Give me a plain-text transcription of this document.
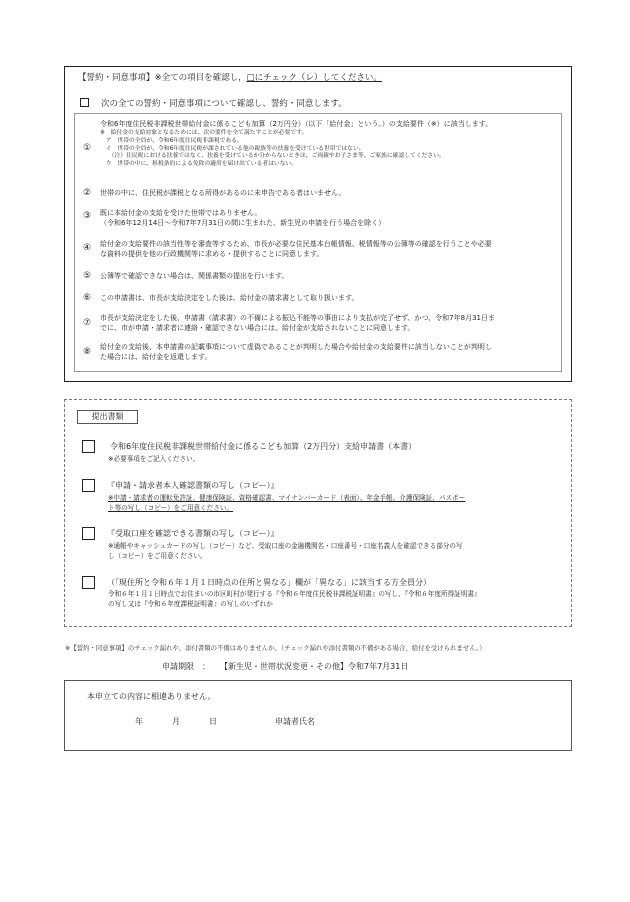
【誓約・同意事項】※全ての項目を確認し，□にチェック（レ）してください。
次の全ての誓約・同意事項について確認し、誓約・同意します。
①
令和6年度住民税非課税世帯給付金に係るこども加算（2万円分）（以下「給付金」という。）の支給要件（※）に該当します。
※　給付金の支給対象となるためには、次の要件を全て満たすことが必要です。
　ア　世帯の全員が、令和6年度住民税非課税である。
　イ　世帯の全員が、令和6年度住民税が課されている他の親族等の扶養を受けている世帯ではない。
　　（注）住民税における扶養ではなく、扶養を受けているか分からないときは、ご両親やお子さま等、ご家族に確認してください。
　ウ　世帯の中に、租税条約による免除の適用を届け出ている者はいない。
② 世帯の中に、住民税が課税となる所得があるのに未申告である者はいません。
③ 既に本給付金の支給を受けた世帯ではありません。
（令和6年12月14日～令和7年7月31日の間に生まれた、新生児の申請を行う場合を除く）
④ 給付金の支給要件の該当性等を審査等するため、市長が必要な住民基本台帳情報、税情報等の公簿等の確認を行うことや必要
な資料の提供を他の行政機関等に求める・提供することに同意します。
⑤ 公簿等で確認できない場合は、関係書類の提出を行います。
⑥ この申請書は、市長が支給決定をした後は、給付金の請求書として取り扱います。
⑦ 市長が支給決定をした後、申請書（請求書）の不備による振込不能等の事由により支払が完了せず、かつ、令和7年8月31日ま
でに、市が申請・請求者に連絡・確認できない場合には、給付金が支給されないことに同意します。
⑧ 給付金の支給後、本申請書の記載事項について虚偽であることが判明した場合や給付金の支給要件に該当しないことが判明し
た場合には、給付金を返還します。
提出書類
令和6年度住民税非課税世帯給付金に係るこども加算（2万円分）支給申請書（本書）
※必要事項をご記入ください。
『申請・請求者本人確認書類の写し（コピー）』
※申請・請求者の運転免許証、健康保険証、資格確認書、マイナンバーカード（表面）、年金手帳、介護保険証、パスポー
ト等の写し（コピー）をご用意ください。
『受取口座を確認できる書類の写し（コピー）』
※通帳やキャッシュカードの写し（コピー）など、受取口座の金融機関名・口座番号・口座名義人を確認できる部分の写
し（コピー）をご用意ください。
（「現住所と令和６年１月１日時点の住所と異なる」欄が「異なる」に該当する方全員分）
令和６年１月１日時点でお住まいの市区町村が発行する『令和６年度住民税非課税証明書』の写し、『令和６年度所得証明書』
の写し又は『令和６年度課税証明書』の写しのいずれか
※【誓約・同意事項】のチェック漏れや、添付書類の不備はありませんか。（チェック漏れや添付書類の不備がある場合、給付を受けられません。）
申請期限 ： 【新生児・世帯状況変更・その他】令和7年7月31日
本申立ての内容に相違ありません。
年	月	日	申請者氏名
